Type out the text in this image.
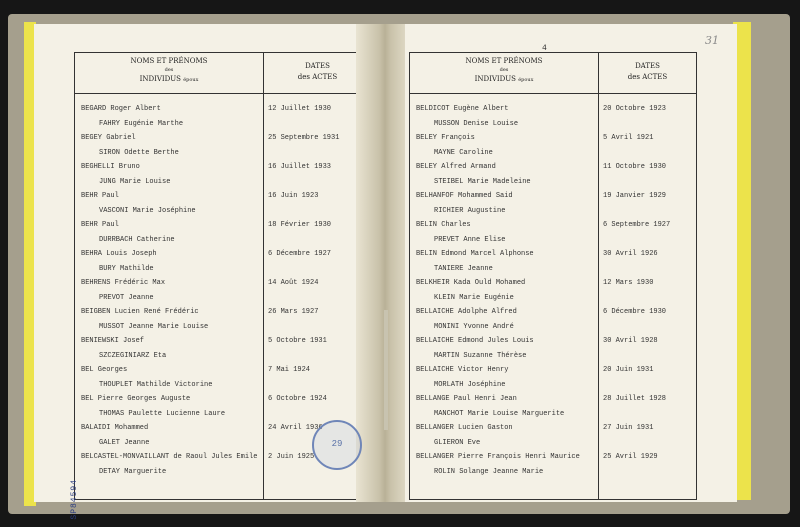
NOMS ET PRÉNOMS
des
INDIVIDUS époux
DATES
des ACTES
BEGARD Roger Albert	12 Juillet 1930
FAHRY Eugénie Marthe
BEGEY Gabriel	25 Septembre 1931
SIRON Odette Berthe
BEGHELLI Bruno	16 Juillet 1933
JUNG Marie Louise
BEHR Paul	16 Juin 1923
VASCONI Marie Joséphine
BEHR Paul	18 Février 1930
DURRBACH Catherine
BEHRA Louis Joseph	6 Décembre 1927
BURY Mathilde
BEHRENS Frédéric Max	14 Août 1924
PREVOT Jeanne
BEIGBEN Lucien René Frédéric	26 Mars 1927
MUSSOT Jeanne Marie Louise
BENIEWSKI Josef	5 Octobre 1931
SZCZEGINIARZ Eta
BEL Georges	7 Mai 1924
THOUPLET Mathilde Victorine
BEL Pierre Georges Auguste	6 Octobre 1924
THOMAS Paulette Lucienne Laure
BALAIDI Mohammed	24 Avril 1936
GALET Jeanne
BELCASTEL-MONVAILLANT de Raoul Jules Emile 2 Juin 1925
DETAY Marguerite
SP84594
4
31
NOMS ET PRÉNOMS
des
INDIVIDUS époux
DATES
des ACTES
BELDICOT Eugène Albert	20 Octobre 1923
MUSSON Denise Louise
BELEY François	5 Avril 1921
MAYNE Caroline
BELEY Alfred Armand	11 Octobre 1930
STEIBEL Marie Madeleine
BELHANFOF Mohammed Said	19 Janvier 1929
RICHIER Augustine
BELIN Charles	6 Septembre 1927
PREVET Anne Elise
BELIN Edmond Marcel Alphonse	30 Avril 1926
TANIERE Jeanne
BELKHEIR Kada Ould Mohamed	12 Mars 1930
KLEIN Marie Eugénie
BELLAICHE Adolphe Alfred	6 Décembre 1930
MONINI Yvonne André
BELLAICHE Edmond Jules Louis	30 Avril 1928
MARTIN Suzanne Thérèse
BELLAICHE Victor Henry	20 Juin 1931
MORLATH Joséphine
BELLANGE Paul Henri Jean	28 Juillet 1928
MANCHOT Marie Louise Marguerite
BELLANGER Lucien Gaston	27 Juin 1931
GLIERON Eve
BELLANGER Pierre François Henri Maurice	25 Avril 1929
ROLIN Solange Jeanne Marie
29
